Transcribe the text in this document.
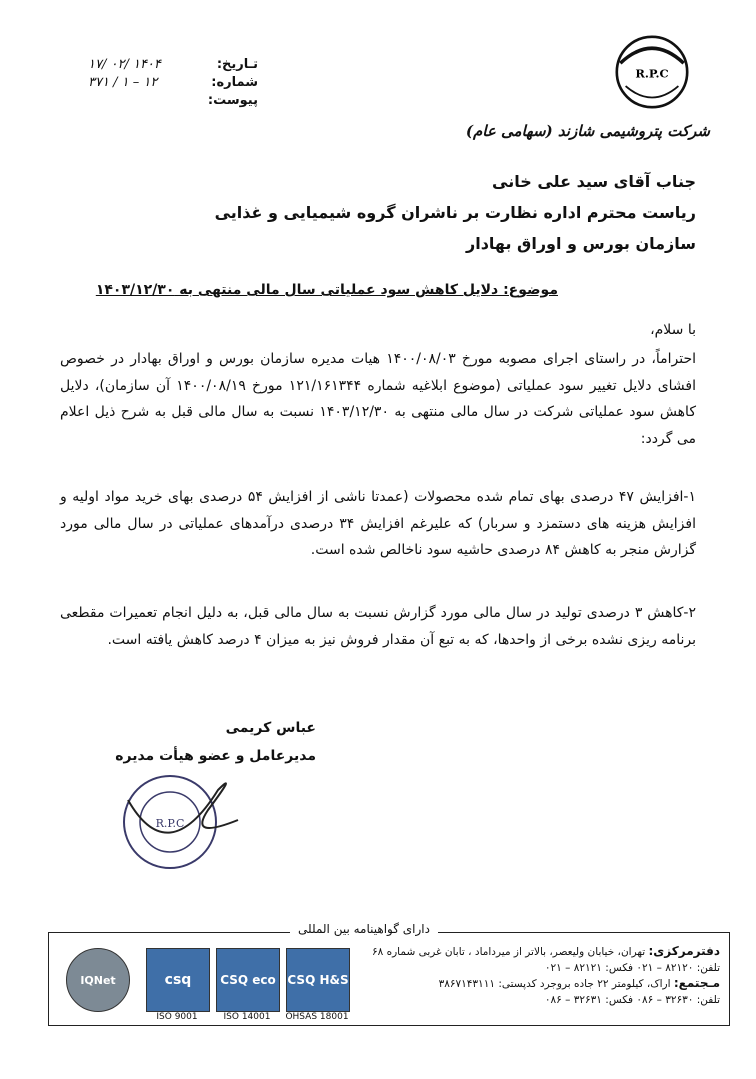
تـاریخ:
۱۴۰۴ /۰۲ /۱۷
شماره:
۱۲ – ۱ / ۳۷۱
پیوست:
R.P.C
شرکت پتروشیمی شازند (سهامی عام)
جناب آقای سید علی خانی
ریاست محترم اداره نظارت بر ناشران گروه شیمیایی و غذایی
سازمان بورس و اوراق بهادار
موضوع: دلایل کاهش سود عملیاتی سال مالی منتهی به ۱۴۰۳/۱۲/۳۰
با سلام،
احتراماً، در راستای اجرای مصوبه مورخ ۱۴۰۰/۰۸/۰۳ هیات مدیره سازمان بورس و اوراق بهادار در خصوص افشای دلایل تغییر سود عملیاتی (موضوع ابلاغیه شماره ۱۲۱/۱۶۱۳۴۴ مورخ ۱۴۰۰/۰۸/۱۹ آن سازمان)، دلایل کاهش سود عملیاتی شرکت در سال مالی منتهی به ۱۴۰۳/۱۲/۳۰ نسبت به سال مالی قبل به شرح ذیل اعلام می گردد:
۱-افزایش ۴۷ درصدی بهای تمام شده محصولات (عمدتا ناشی از افزایش ۵۴ درصدی بهای خرید مواد اولیه و افزایش هزینه های دستمزد و سربار) که علیرغم افزایش ۳۴ درصدی درآمدهای عملیاتی در سال مالی مورد گزارش منجر به کاهش ۸۴ درصدی حاشیه سود ناخالص شده است.
۲-کاهش ۳ درصدی تولید در سال مالی مورد گزارش نسبت به سال مالی قبل، به دلیل انجام تعمیرات مقطعی برنامه ریزی نشده برخی از واحدها، که به تبع آن مقدار فروش نیز به میزان ۴ درصد کاهش یافته است.
عباس کریمی
مدیرعامل و عضو هیأت مدیره
R.P.C
دارای گواهینامه بین المللی
دفترمرکزی: تهران، خیابان ولیعصر، بالاتر از میرداماد ، تابان غربی شماره ۶۸
تلفن: ۸۲۱۲۰ – ۰۲۱ فکس: ۸۲۱۲۱ – ۰۲۱
مـجتمع: اراک، کیلومتر ۲۲ جاده بروجرد کدپستی: ۳۸۶۷۱۴۳۱۱۱
تلفن: ۳۲۶۳۰ – ۰۸۶ فکس: ۳۲۶۳۱ – ۰۸۶
IQNet	csq CSQ eco CSQ H&S
ISO 9001	ISO 14001	OHSAS 18001
